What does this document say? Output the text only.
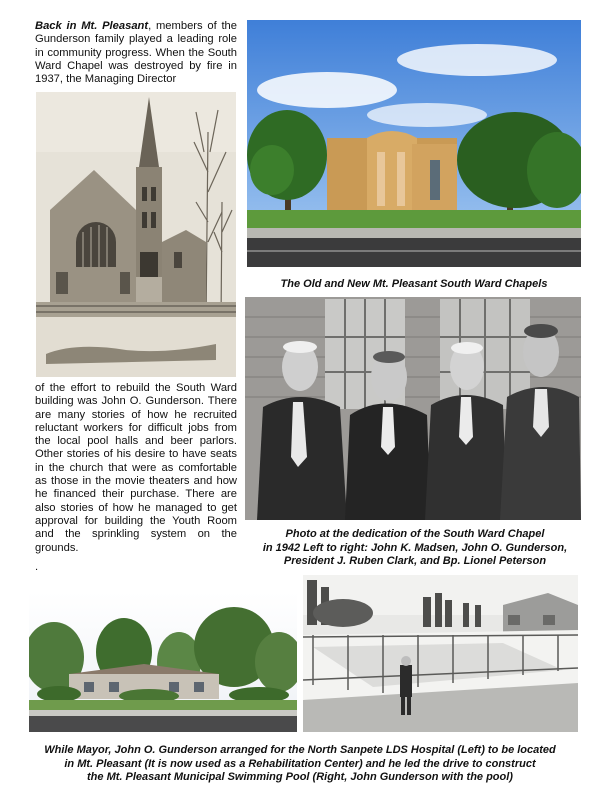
Back in Mt. Pleasant, members of the Gunderson family played a leading role in community progress. When the South Ward Chapel was destroyed by fire in 1937, the Managing Director
The Old and New Mt. Pleasant South Ward Chapels
of the effort to rebuild the South Ward building was John O. Gunderson. There are many stories of how he recruited reluctant workers for difficult jobs from the local pool halls and beer parlors. Other stories of his desire to have seats in the church that were as comfortable as those in the movie theaters and how he financed their purchase. There are also stories of how he managed to get approval for building the Youth Room and the sprinkling system on the grounds.
.
Photo at the dedication of the South Ward Chapel
in 1942 Left to right: John K. Madsen, John O. Gunderson,
President J. Ruben Clark, and Bp. Lionel Peterson
While Mayor, John O. Gunderson arranged for the North Sanpete LDS Hospital (Left) to be located
in Mt. Pleasant (It is now used as a Rehabilitation Center) and he led the drive to construct
the Mt. Pleasant Municipal Swimming Pool (Right, John Gunderson with the pool)
